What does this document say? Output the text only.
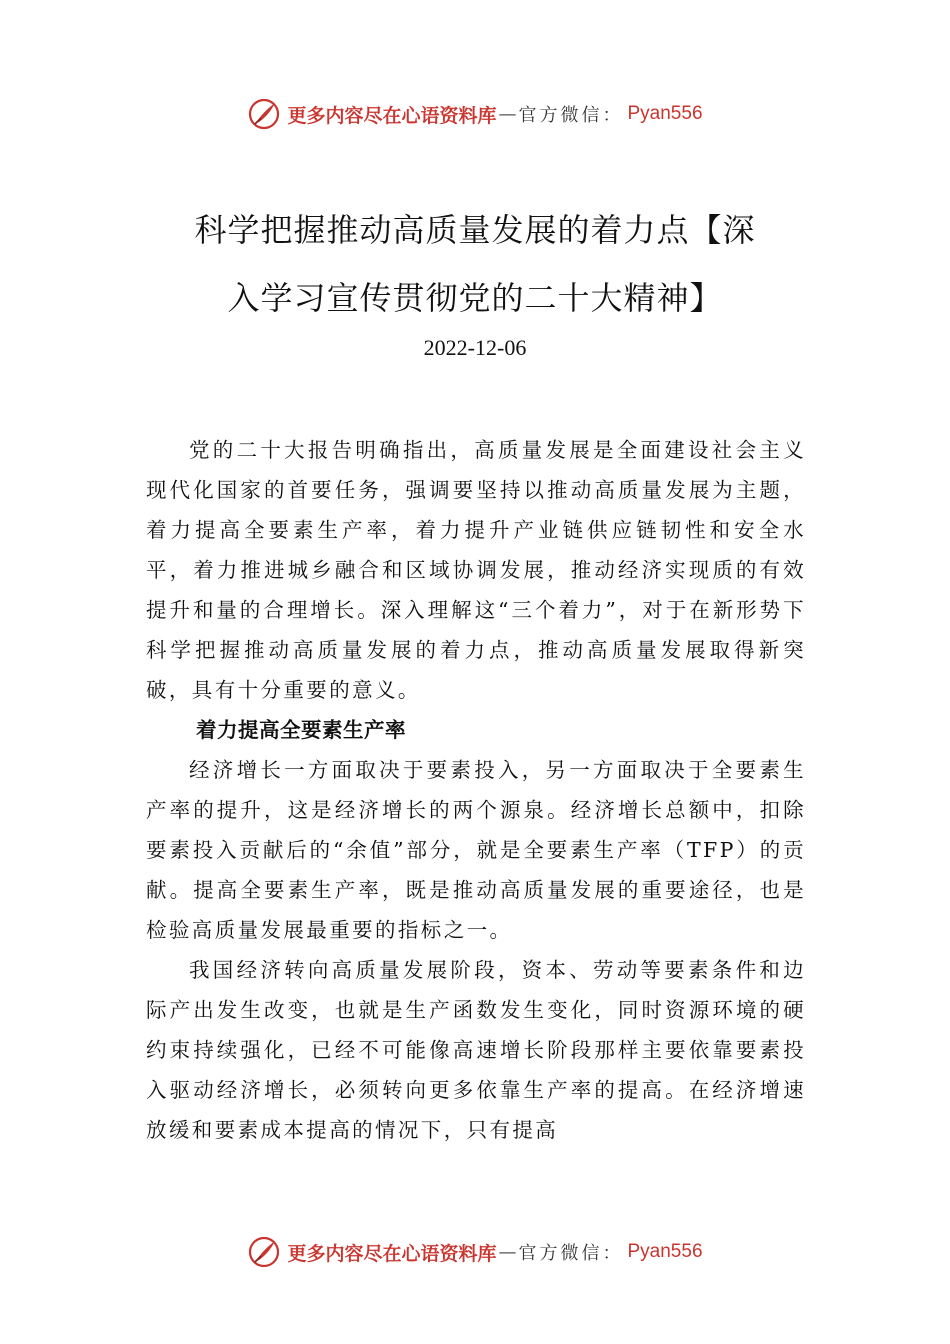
更多内容尽在心语资料库 — 官方微信： Pyan556
科学把握推动高质量发展的着力点【深
入学习宣传贯彻党的二十大精神】
2022-12-06

党的二十大报告明确指出，高质量发展是全面建设社会主义现代化国家的首要任务，强调要坚持以推动高质量发展为主题，着力提高全要素生产率，着力提升产业链供应链韧性和安全水平，着力推进城乡融合和区域协调发展，推动经济实现质的有效提升和量的合理增长。深入理解这“三个着力”，对于在新形势下科学把握推动高质量发展的着力点，推动高质量发展取得新突破，具有十分重要的意义。

着力提高全要素生产率

经济增长一方面取决于要素投入，另一方面取决于全要素生产率的提升，这是经济增长的两个源泉。经济增长总额中，扣除要素投入贡献后的“余值”部分，就是全要素生产率（TFP）的贡献。提高全要素生产率，既是推动高质量发展的重要途径，也是检验高质量发展最重要的指标之一。

我国经济转向高质量发展阶段，资本、劳动等要素条件和边际产出发生改变，也就是生产函数发生变化，同时资源环境的硬约束持续强化，已经不可能像高速增长阶段那样主要依靠要素投入驱动经济增长，必须转向更多依靠生产率的提高。在经济增速放缓和要素成本提高的情况下，只有提高

更多内容尽在心语资料库 — 官方微信： Pyan556
